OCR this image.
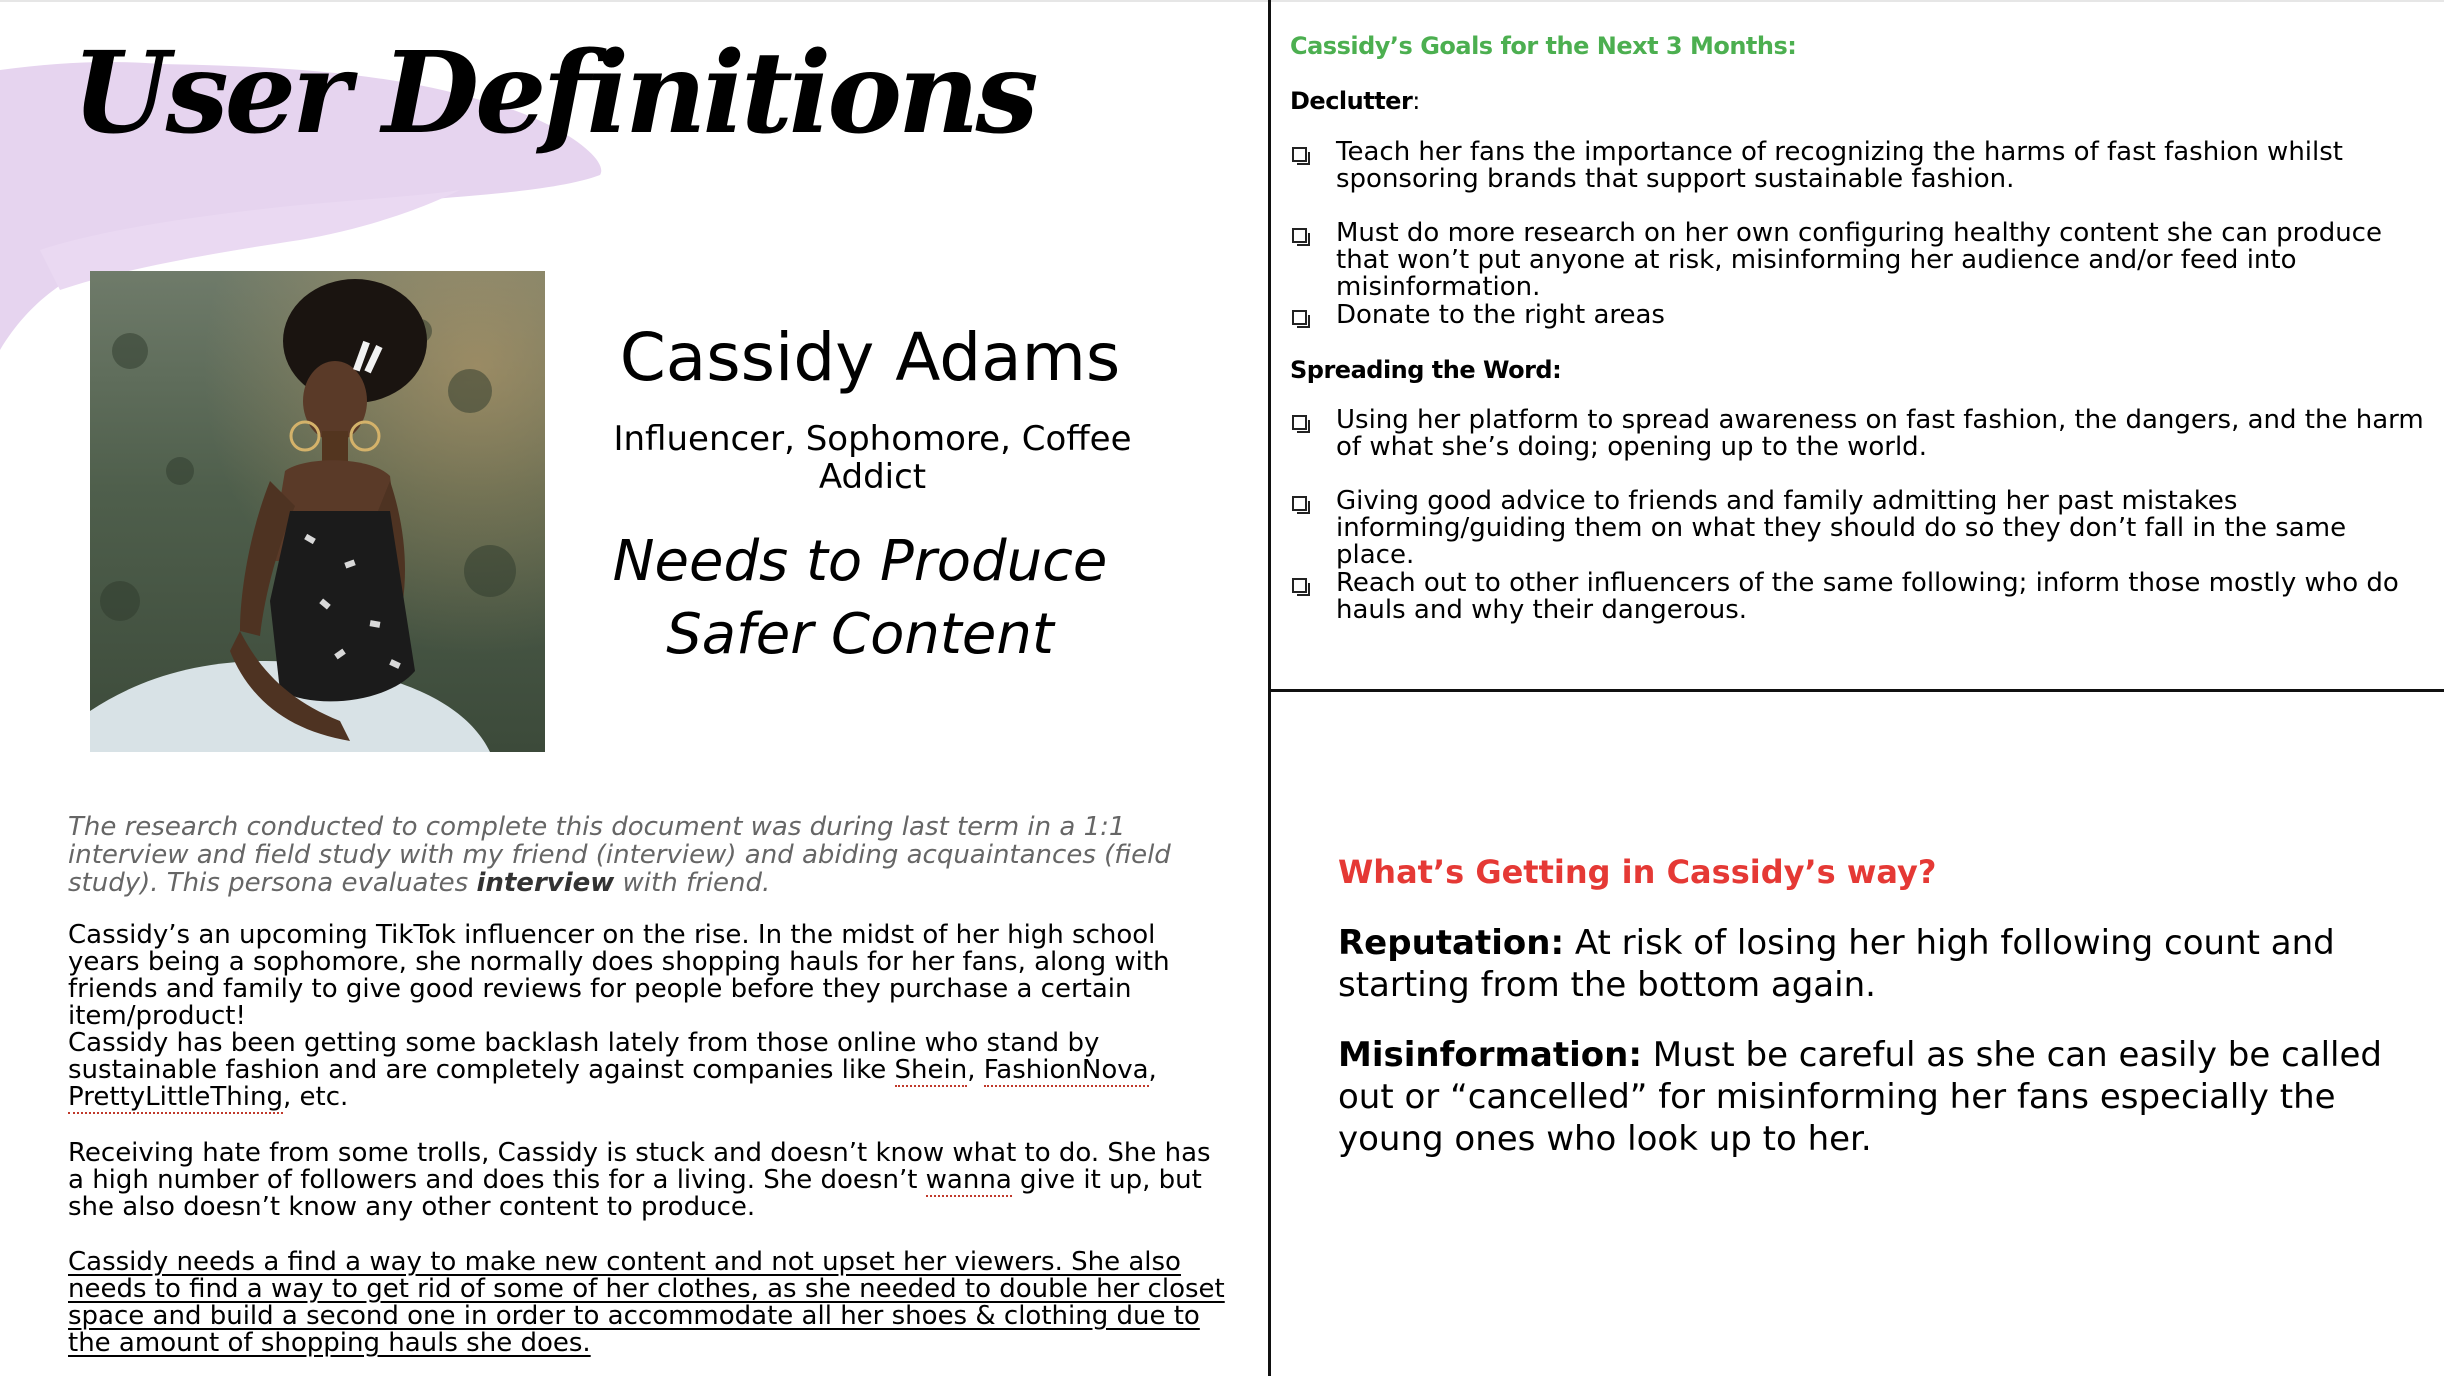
User Definitions
Cassidy Adams
Influencer, Sophomore, Coffee Addict
Needs to Produce
Safer Content
The research conducted to complete this document was during last term in a 1:1 interview and field study with my friend (interview) and abiding acquaintances (field study). This persona evaluates interview with friend.
Cassidy’s an upcoming TikTok influencer on the rise. In the midst of her high school years being a sophomore, she normally does shopping hauls for her fans, along with friends and family to give good reviews for people before they purchase a certain item/product!
Cassidy has been getting some backlash lately from those online who stand by sustainable fashion and are completely against companies like Shein, FashionNova, PrettyLittleThing, etc.
Receiving hate from some trolls, Cassidy is stuck and doesn’t know what to do. She has a high number of followers and does this for a living. She doesn’t wanna give it up, but she also doesn’t know any other content to produce.
Cassidy needs a find a way to make new content and not upset her viewers. She also needs to find a way to get rid of some of her clothes, as she needed to double her closet space and build a second one in order to accommodate all her shoes & clothing due to the amount of shopping hauls she does.
Cassidy’s Goals for the Next 3 Months:
Declutter:
Teach her fans the importance of recognizing the harms of fast fashion whilst sponsoring brands that support sustainable fashion.
Must do more research on her own configuring healthy content she can produce that won’t put anyone at risk, misinforming her audience and/or feed into misinformation.
Donate to the right areas
Spreading the Word:
Using her platform to spread awareness on fast fashion, the dangers, and the harm of what she’s doing; opening up to the world.
Giving good advice to friends and family admitting her past mistakes informing/guiding them on what they should do so they don’t fall in the same place.
Reach out to other influencers of the same following; inform those mostly who do hauls and why their dangerous.
What’s Getting in Cassidy’s way?
Reputation: At risk of losing her high following count and starting from the bottom again.
Misinformation: Must be careful as she can easily be called out or “cancelled” for misinforming her fans especially the young ones who look up to her.
